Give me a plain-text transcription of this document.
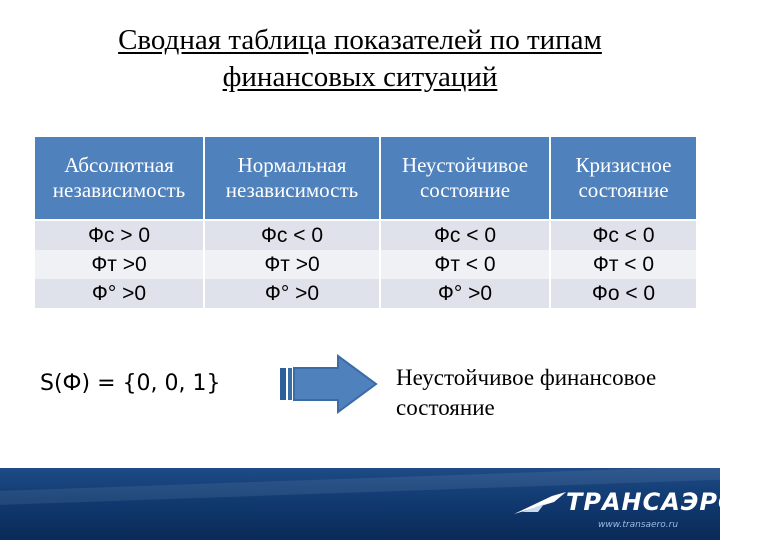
Сводная таблица показателей по типам финансовых ситуаций
Абсолютная независимость	Нормальная независимость	Неустойчивое состояние	Кризисное состояние
Фс > 0	Фс < 0	Фс < 0	Фс < 0
Фт >0	Фт >0	Фт < 0	Фт < 0
Ф° >0	Ф° >0	Ф° >0	Фо < 0
S(Ф) = {0, 0, 1}	Неустойчивое финансовое состояние
ТРАНСАЭРО
www.transaero.ru
